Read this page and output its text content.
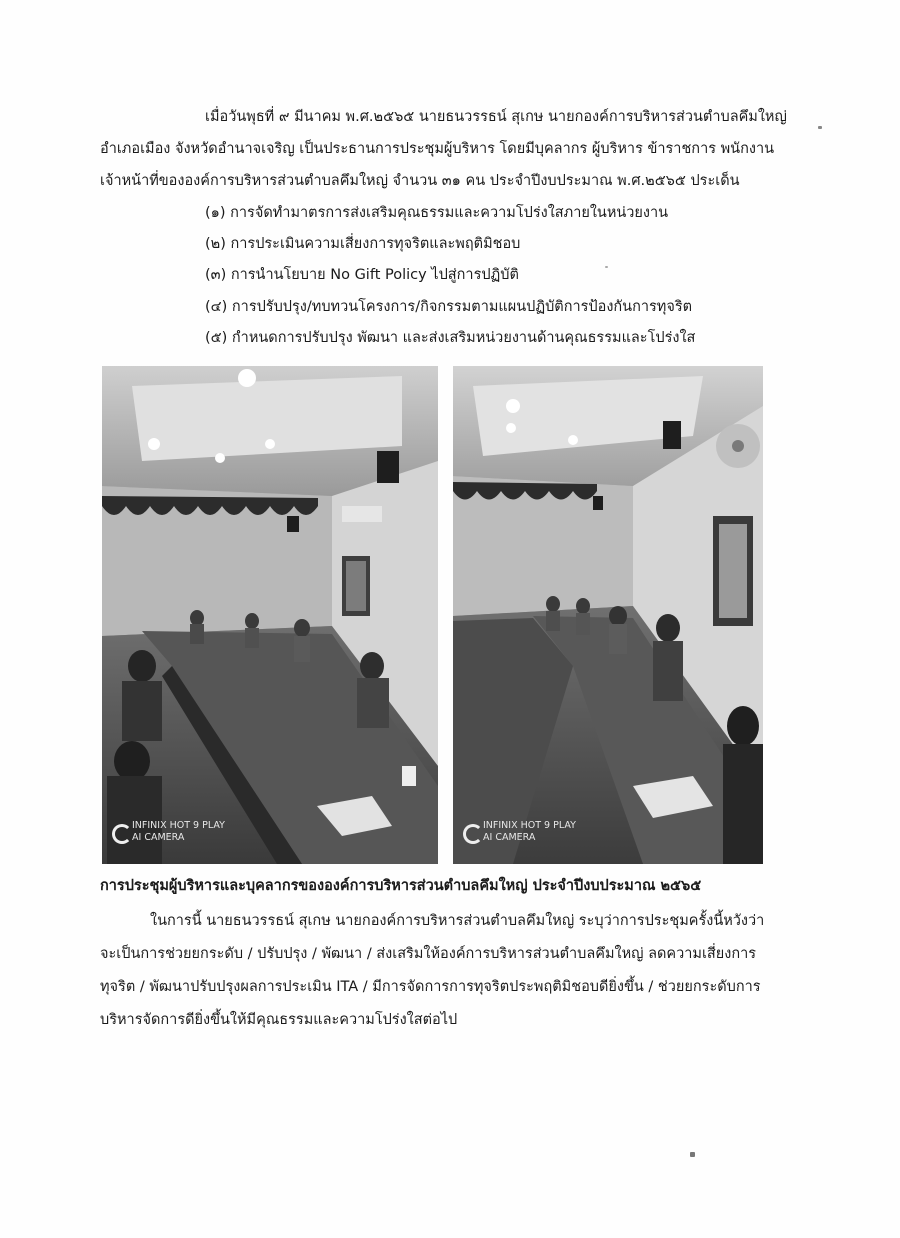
เมื่อวันพุธที่ ๙ มีนาคม พ.ศ.๒๕๖๕ นายธนวรรธน์ สุเกษ นายกองค์การบริหารส่วนตำบลคึมใหญ่
อำเภอเมือง จังหวัดอำนาจเจริญ เป็นประธานการประชุมผู้บริหาร โดยมีบุคลากร ผู้บริหาร ข้าราชการ พนักงาน
เจ้าหน้าที่ขององค์การบริหารส่วนตำบลคึมใหญ่ จำนวน ๓๑ คน ประจำปีงบประมาณ พ.ศ.๒๕๖๕ ประเด็น
(๑) การจัดทำมาตรการส่งเสริมคุณธรรมและความโปร่งใสภายในหน่วยงาน
(๒) การประเมินความเสี่ยงการทุจริตและพฤติมิชอบ
(๓) การนำนโยบาย No Gift Policy ไปสู่การปฏิบัติ
(๔) การปรับปรุง/ทบทวนโครงการ/กิจกรรมตามแผนปฏิบัติการป้องกันการทุจริต
(๕) กำหนดการปรับปรุง พัฒนา และส่งเสริมหน่วยงานด้านคุณธรรมและโปร่งใส
INFINIX HOT 9 PLAY
AI CAMERA
INFINIX HOT 9 PLAY
AI CAMERA
การประชุมผู้บริหารและบุคลากรขององค์การบริหารส่วนตำบลคึมใหญ่ ประจำปีงบประมาณ ๒๕๖๕
ในการนี้ นายธนวรรธน์ สุเกษ นายกองค์การบริหารส่วนตำบลคึมใหญ่ ระบุว่าการประชุมครั้งนี้หวังว่า
จะเป็นการช่วยยกระดับ / ปรับปรุง / พัฒนา / ส่งเสริมให้องค์การบริหารส่วนตำบลคึมใหญ่ ลดความเสี่ยงการ
ทุจริต / พัฒนาปรับปรุงผลการประเมิน ITA / มีการจัดการการทุจริตประพฤติมิชอบดียิ่งขึ้น / ช่วยยกระดับการ
บริหารจัดการดียิ่งขึ้นให้มีคุณธรรมและความโปร่งใสต่อไป
